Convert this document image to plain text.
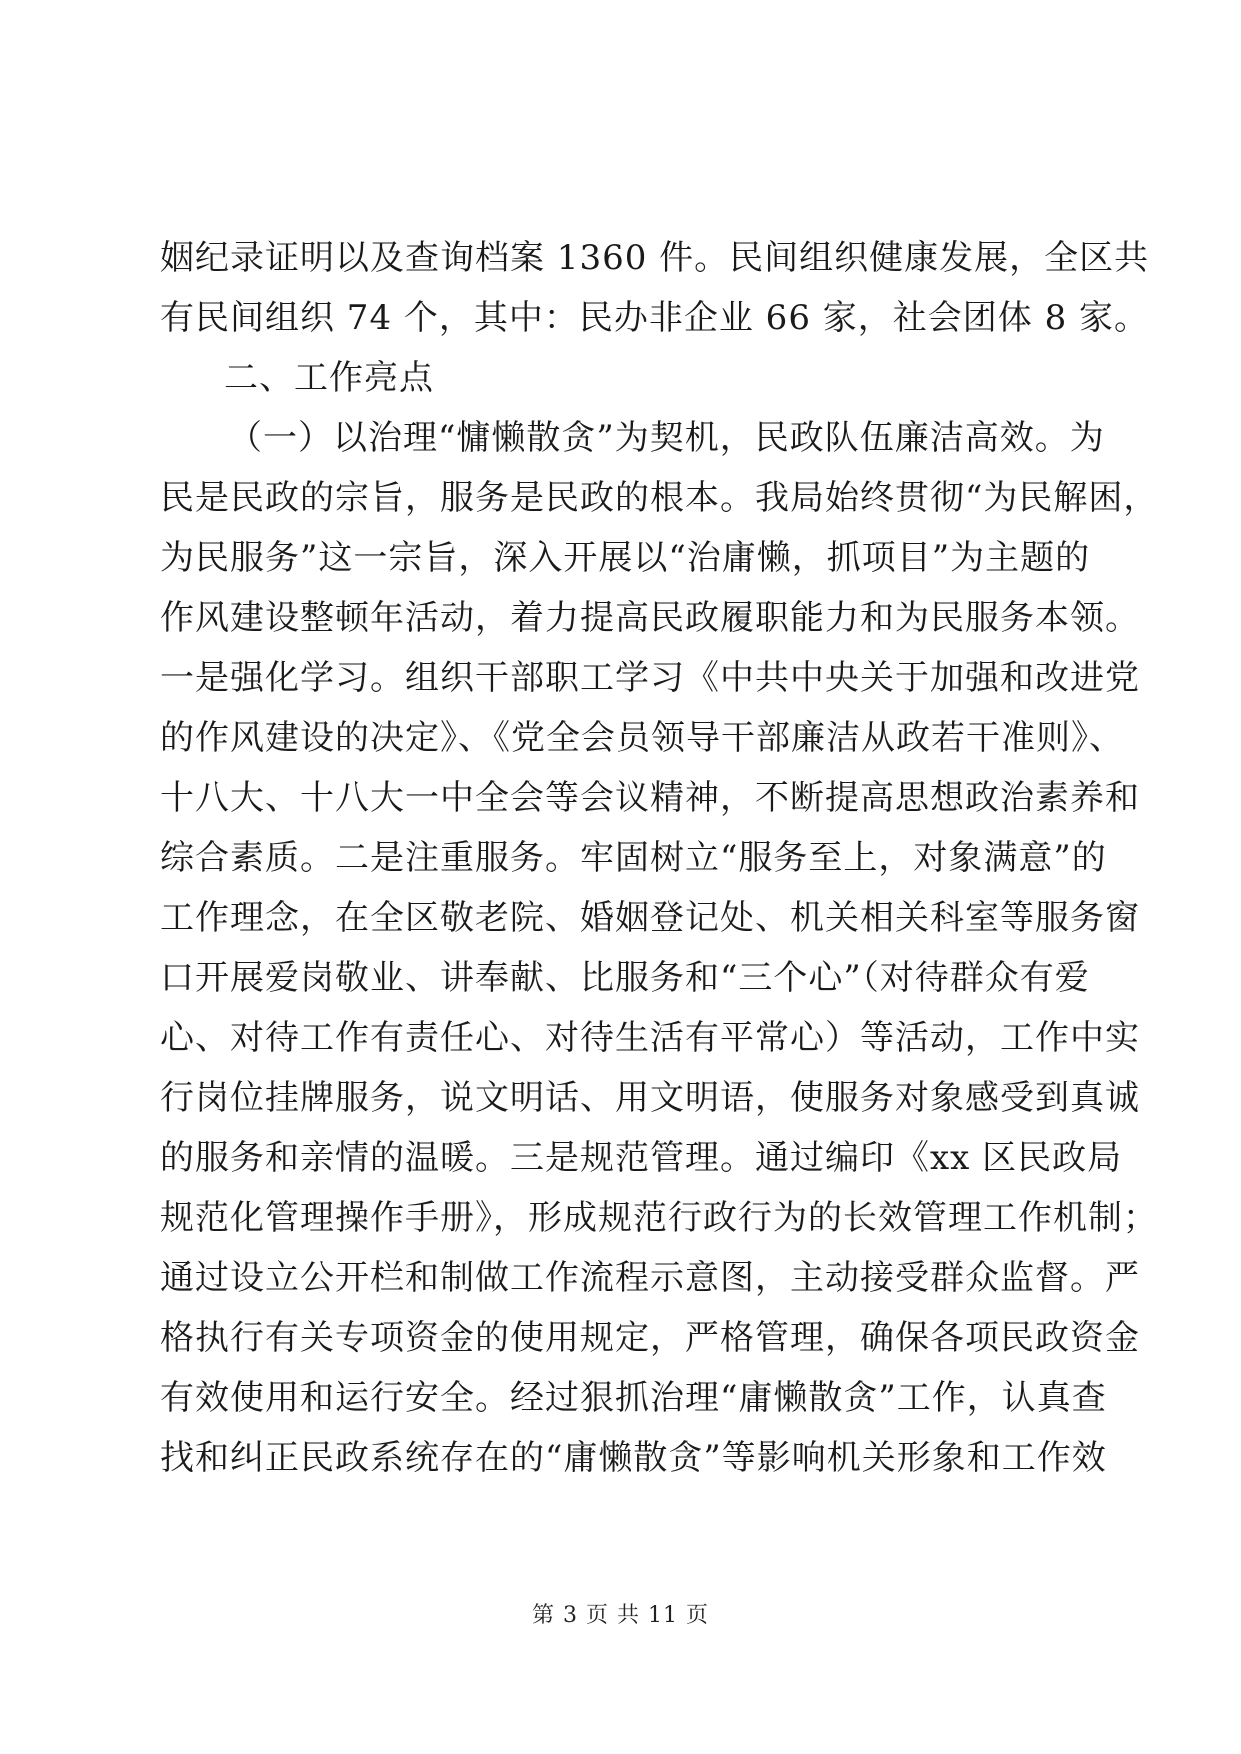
姻纪录证明以及查询档案 1360 件。民间组织健康发展，全区共
有民间组织 74 个，其中：民办非企业 66 家，社会团体 8 家。
二、工作亮点
（一）以治理“慵懒散贪”为契机，民政队伍廉洁高效。为
民是民政的宗旨，服务是民政的根本。我局始终贯彻“为民解困，
为民服务”这一宗旨，深入开展以“治庸懒，抓项目”为主题的
作风建设整顿年活动，着力提高民政履职能力和为民服务本领。
一是强化学习。组织干部职工学习《中共中央关于加强和改进党
的作风建设的决定》、《党全会员领导干部廉洁从政若干准则》、
十八大、十八大一中全会等会议精神，不断提高思想政治素养和
综合素质。二是注重服务。牢固树立“服务至上，对象满意”的
工作理念，在全区敬老院、婚姻登记处、机关相关科室等服务窗
口开展爱岗敬业、讲奉献、比服务和“三个心”（对待群众有爱
心、对待工作有责任心、对待生活有平常心）等活动，工作中实
行岗位挂牌服务，说文明话、用文明语，使服务对象感受到真诚
的服务和亲情的温暖。三是规范管理。通过编印《xx 区民政局
规范化管理操作手册》，形成规范行政行为的长效管理工作机制；
通过设立公开栏和制做工作流程示意图，主动接受群众监督。严
格执行有关专项资金的使用规定，严格管理，确保各项民政资金
有效使用和运行安全。经过狠抓治理“庸懒散贪”工作，认真查
找和纠正民政系统存在的“庸懒散贪”等影响机关形象和工作效
第 3 页 共 11 页
